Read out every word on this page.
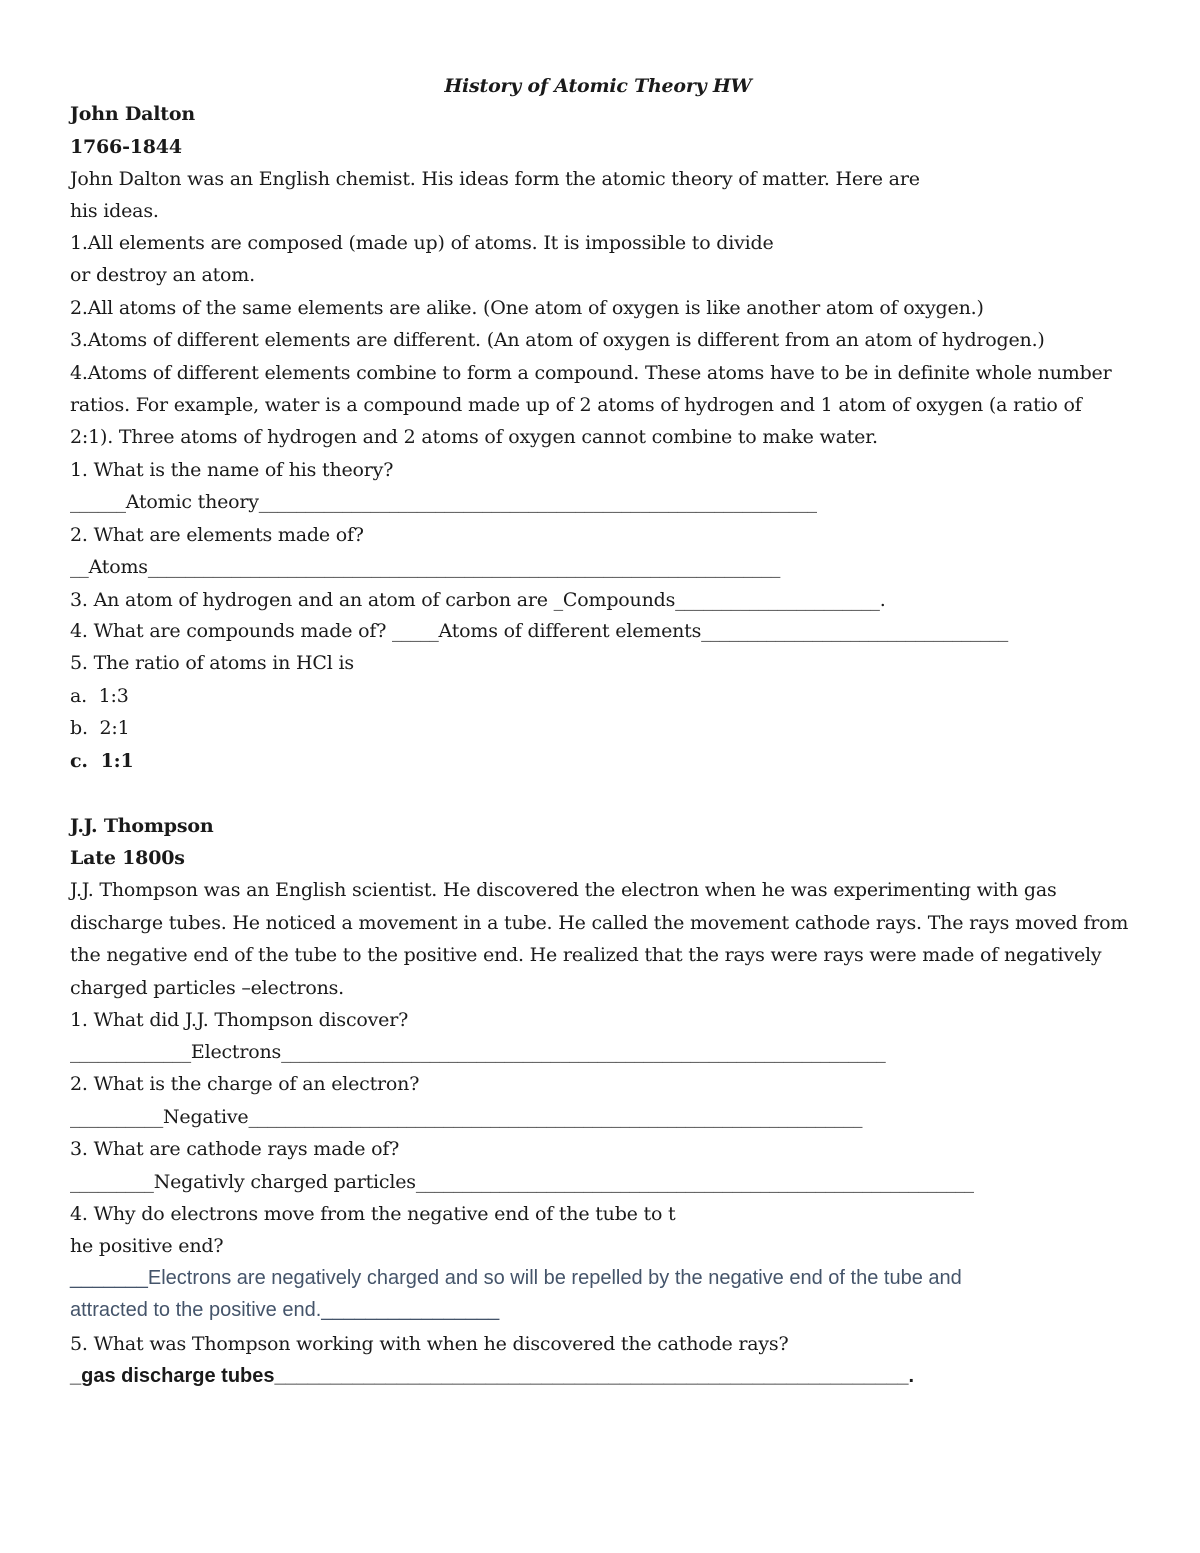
History of Atomic Theory HW
John Dalton
1766-1844
John Dalton was an English chemist. His ideas form the atomic theory of matter. Here are
his ideas.
1.All elements are composed (made up) of atoms. It is impossible to divide
or destroy an atom.
2.All atoms of the same elements are alike. (One atom of oxygen is like another atom of oxygen.)
3.Atoms of different elements are different. (An atom of oxygen is different from an atom of hydrogen.)
4.Atoms of different elements combine to form a compound. These atoms have to be in definite whole number
ratios. For example, water is a compound made up of 2 atoms of hydrogen and 1 atom of oxygen (a ratio of
2:1). Three atoms of hydrogen and 2 atoms of oxygen cannot combine to make water.
1. What is the name of his theory?
______Atomic theory____________________________________________________________
2. What are elements made of?
__Atoms____________________________________________________________________
3. An atom of hydrogen and an atom of carbon are _Compounds______________________.
4. What are compounds made of? _____Atoms of different elements_________________________________
5. The ratio of atoms in HCl is
a.  1:3
b.  2:1
c.  1:1
J.J. Thompson
Late 1800s
J.J. Thompson was an English scientist. He discovered the electron when he was experimenting with gas
discharge tubes. He noticed a movement in a tube. He called the movement cathode rays. The rays moved from
the negative end of the tube to the positive end. He realized that the rays were rays were made of negatively
charged particles –electrons.
1. What did J.J. Thompson discover?
_____________Electrons_________________________________________________________________
2. What is the charge of an electron?
__________Negative__________________________________________________________________
3. What are cathode rays made of?
_________Negativly charged particles____________________________________________________________
4. Why do electrons move from the negative end of the tube to t
he positive end?
_______Electrons are negatively charged and so will be repelled by the negative end of the tube and
attracted to the positive end.________________
5. What was Thompson working with when he discovered the cathode rays?
_gas discharge tubes_________________________________________________________.
